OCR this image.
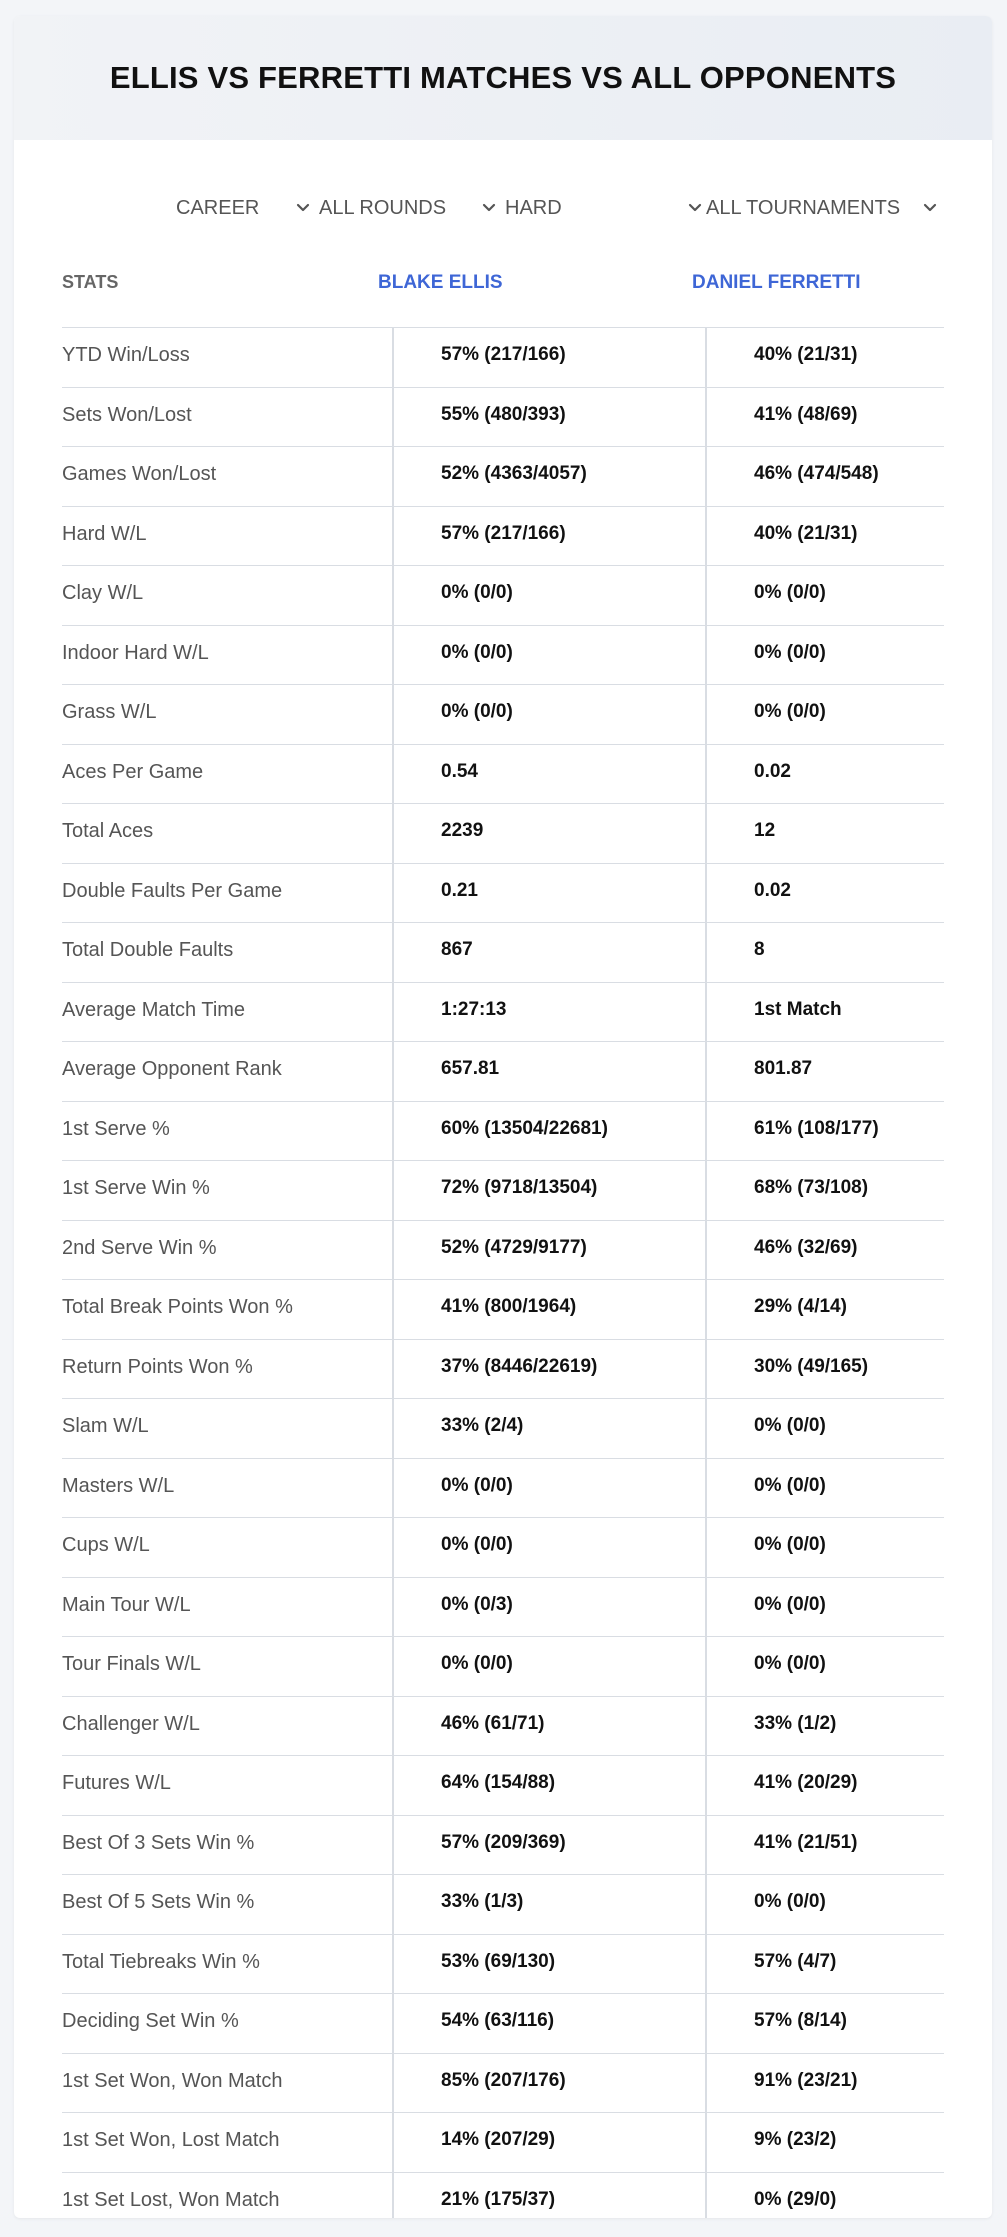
ELLIS VS FERRETTI MATCHES VS ALL OPPONENTS
CAREER	ALL ROUNDS	HARD	ALL TOURNAMENTS
STATS	BLAKE ELLIS	DANIEL FERRETTI
YTD Win/Loss	57% (217/166)	40% (21/31)
Sets Won/Lost	55% (480/393)	41% (48/69)
Games Won/Lost	52% (4363/4057)	46% (474/548)
Hard W/L	57% (217/166)	40% (21/31)
Clay W/L	0% (0/0)	0% (0/0)
Indoor Hard W/L	0% (0/0)	0% (0/0)
Grass W/L	0% (0/0)	0% (0/0)
Aces Per Game	0.54	0.02
Total Aces	2239	12
Double Faults Per Game	0.21	0.02
Total Double Faults	867	8
Average Match Time	1:27:13	1st Match
Average Opponent Rank	657.81	801.87
1st Serve %	60% (13504/22681)	61% (108/177)
1st Serve Win %	72% (9718/13504)	68% (73/108)
2nd Serve Win %	52% (4729/9177)	46% (32/69)
Total Break Points Won %	41% (800/1964)	29% (4/14)
Return Points Won %	37% (8446/22619)	30% (49/165)
Slam W/L	33% (2/4)	0% (0/0)
Masters W/L	0% (0/0)	0% (0/0)
Cups W/L	0% (0/0)	0% (0/0)
Main Tour W/L	0% (0/3)	0% (0/0)
Tour Finals W/L	0% (0/0)	0% (0/0)
Challenger W/L	46% (61/71)	33% (1/2)
Futures W/L	64% (154/88)	41% (20/29)
Best Of 3 Sets Win %	57% (209/369)	41% (21/51)
Best Of 5 Sets Win %	33% (1/3)	0% (0/0)
Total Tiebreaks Win %	53% (69/130)	57% (4/7)
Deciding Set Win %	54% (63/116)	57% (8/14)
1st Set Won, Won Match	85% (207/176)	91% (23/21)
1st Set Won, Lost Match	14% (207/29)	9% (23/2)
1st Set Lost, Won Match	21% (175/37)	0% (29/0)
